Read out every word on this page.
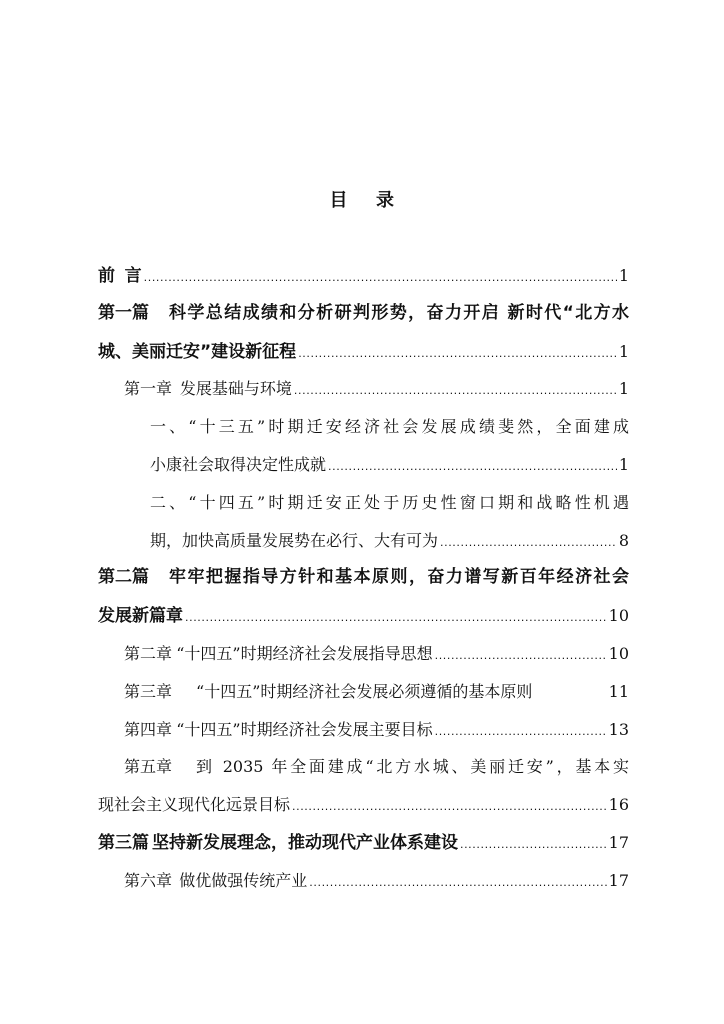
目 录
前 言 .....	1
第一篇 科学总结成绩和分析研判形势，奋力开启 新时代“北方水
城、美丽迁安”建设新征程 .....	1
第一章 发展基础与环境 .....	1
一、“十三五”时期迁安经济社会发展成绩斐然，全面建成
小康社会取得决定性成就 .....	1
二、“十四五”时期迁安正处于历史性窗口期和战略性机遇
期，加快高质量发展势在必行、大有可为 .....	8
第二篇 牢牢把握指导方针和基本原则，奋力谱写新百年经济社会
发展新篇章 .....	10
第二章 “十四五”时期经济社会发展指导思想 .....	10
第三章 “十四五”时期经济社会发展必须遵循的基本原则	11
第四章 “十四五”时期经济社会发展主要目标 .....	13
第五章 到 2035 年全面建成“北方水城、美丽迁安”，基本实
现社会主义现代化远景目标 .....	16
第三篇 坚持新发展理念，推动现代产业体系建设 .....	17
第六章 做优做强传统产业 .....	17
